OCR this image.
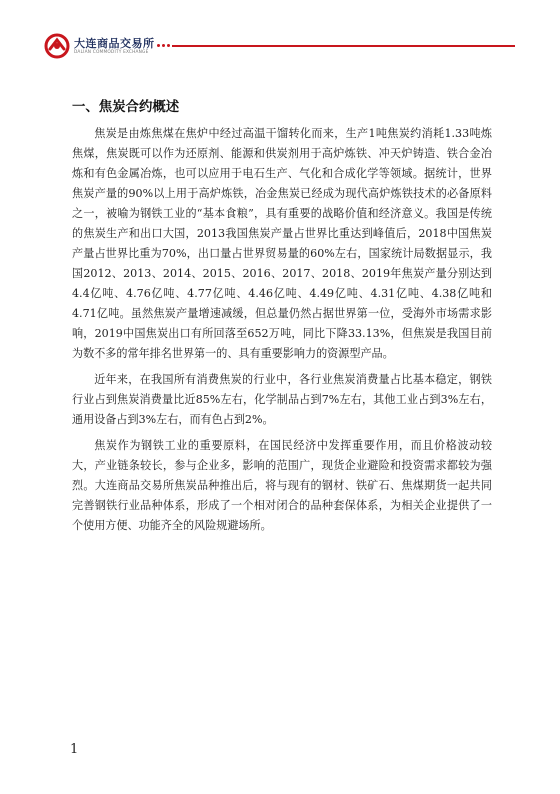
大连商品交易所
DALIAN COMMODITY EXCHANGE
一、焦炭合约概述

焦炭是由炼焦煤在焦炉中经过高温干馏转化而来，生产1吨焦炭约消耗1.33吨炼焦煤，焦炭既可以作为还原剂、能源和供炭剂用于高炉炼铁、冲天炉铸造、铁合金冶炼和有色金属冶炼，也可以应用于电石生产、气化和合成化学等领域。据统计，世界焦炭产量的90%以上用于高炉炼铁，冶金焦炭已经成为现代高炉炼铁技术的必备原料之一，被喻为钢铁工业的“基本食粮”，具有重要的战略价值和经济意义。我国是传统的焦炭生产和出口大国，2013我国焦炭产量占世界比重达到峰值后，2018中国焦炭产量占世界比重为70%，出口量占世界贸易量的60%左右，国家统计局数据显示，我国2012、2013、2014、2015、2016、2017、2018、2019年焦炭产量分别达到4.4亿吨、4.76亿吨、4.77亿吨、4.46亿吨、4.49亿吨、4.31亿吨、4.38亿吨和4.71亿吨。虽然焦炭产量增速减缓，但总量仍然占据世界第一位，受海外市场需求影响，2019中国焦炭出口有所回落至652万吨，同比下降33.13%，但焦炭是我国目前为数不多的常年排名世界第一的、具有重要影响力的资源型产品。

近年来，在我国所有消费焦炭的行业中，各行业焦炭消费量占比基本稳定，钢铁行业占到焦炭消费量比近85%左右，化学制品占到7%左右，其他工业占到3%左右，通用设备占到3%左右，而有色占到2%。

焦炭作为钢铁工业的重要原料，在国民经济中发挥重要作用，而且价格波动较大，产业链条较长，参与企业多，影响的范围广，现货企业避险和投资需求都较为强烈。大连商品交易所焦炭品种推出后，将与现有的钢材、铁矿石、焦煤期货一起共同完善钢铁行业品种体系，形成了一个相对闭合的品种套保体系，为相关企业提供了一个使用方便、功能齐全的风险规避场所。

1
